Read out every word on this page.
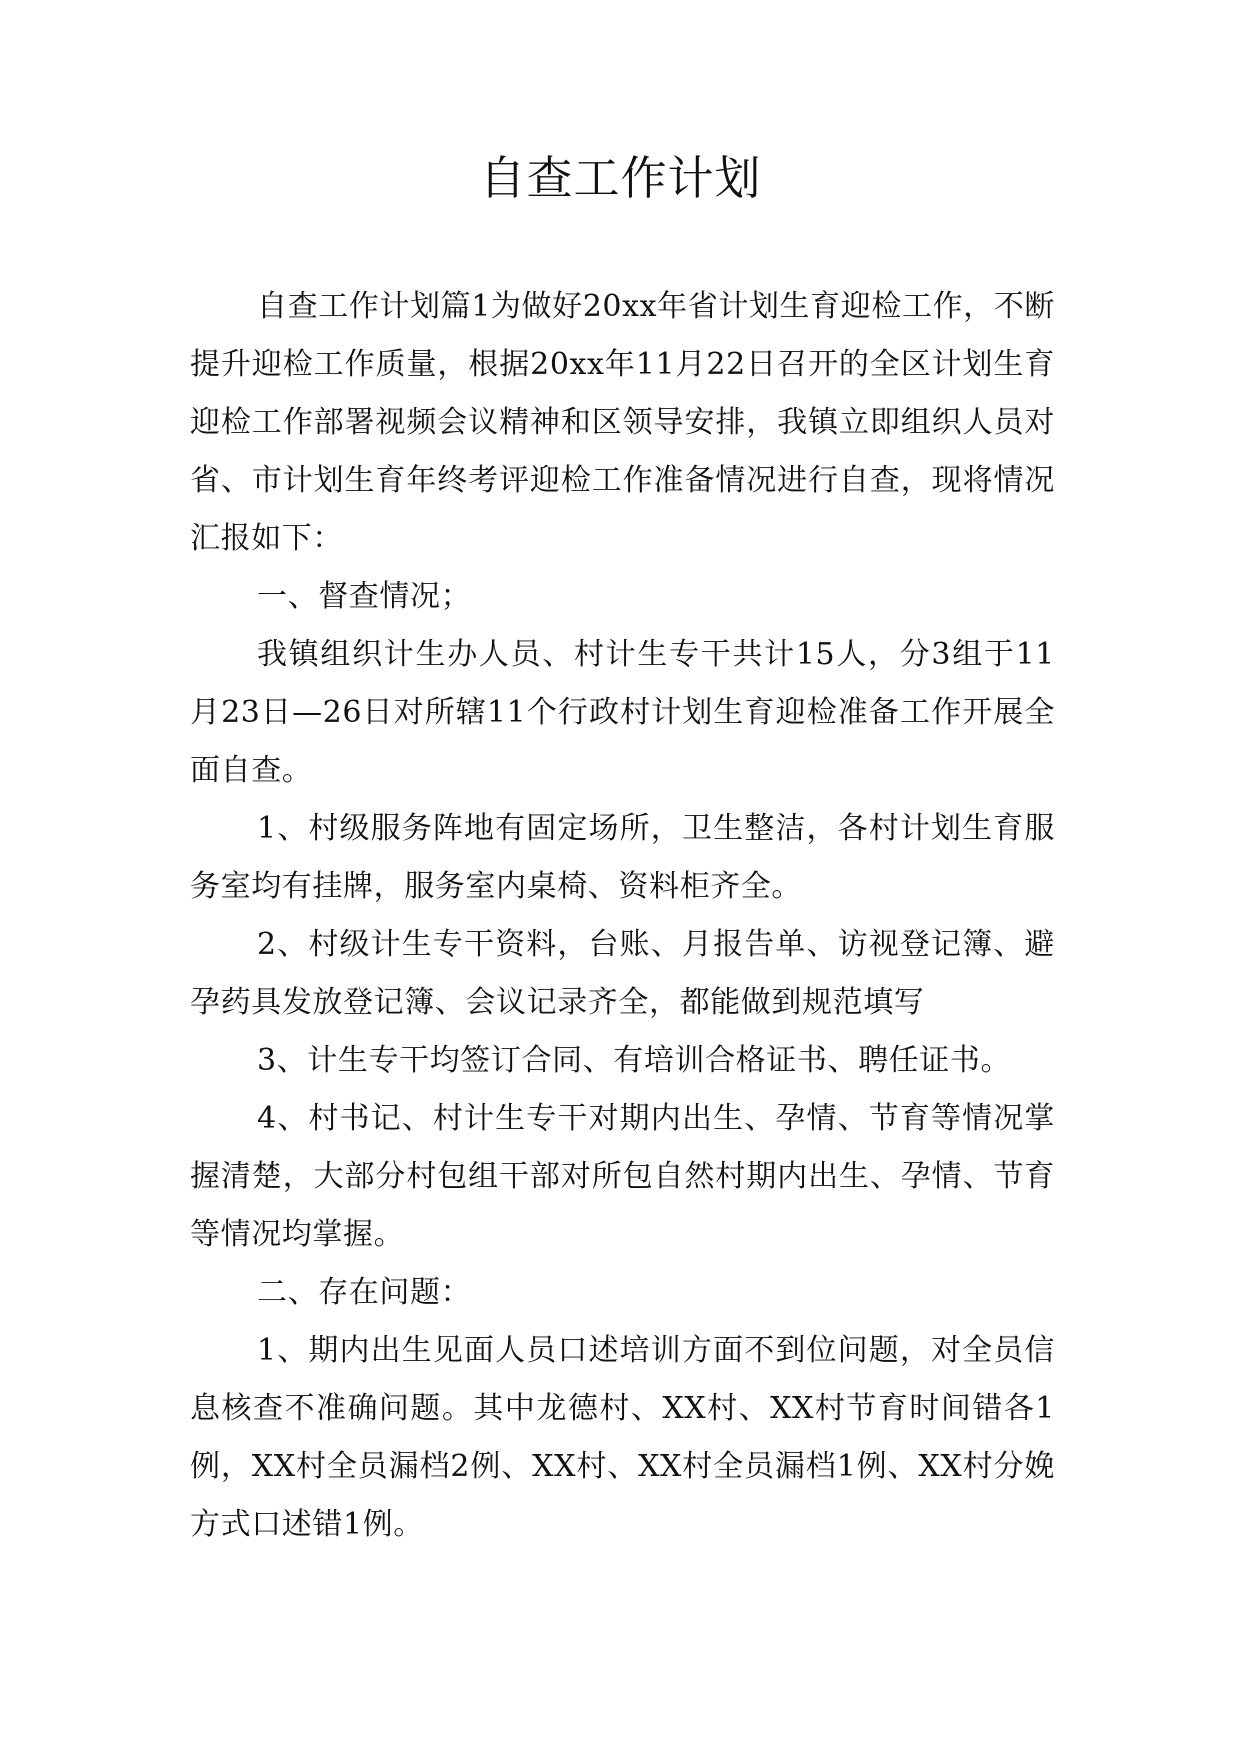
自查工作计划

自查工作计划篇1为做好20xx年省计划生育迎检工作，不断提升迎检工作质量，根据20xx年11月22日召开的全区计划生育迎检工作部署视频会议精神和区领导安排，我镇立即组织人员对省、市计划生育年终考评迎检工作准备情况进行自查，现将情况汇报如下：

一、督查情况；

我镇组织计生办人员、村计生专干共计15人，分3组于11月23日—26日对所辖11个行政村计划生育迎检准备工作开展全面自查。

1、村级服务阵地有固定场所，卫生整洁，各村计划生育服务室均有挂牌，服务室内桌椅、资料柜齐全。

2、村级计生专干资料，台账、月报告单、访视登记簿、避孕药具发放登记簿、会议记录齐全，都能做到规范填写

3、计生专干均签订合同、有培训合格证书、聘任证书。

4、村书记、村计生专干对期内出生、孕情、节育等情况掌握清楚，大部分村包组干部对所包自然村期内出生、孕情、节育等情况均掌握。

二、存在问题：

1、期内出生见面人员口述培训方面不到位问题，对全员信息核查不准确问题。其中龙德村、XX村、XX村节育时间错各1例，XX村全员漏档2例、XX村、XX村全员漏档1例、XX村分娩方式口述错1例。
